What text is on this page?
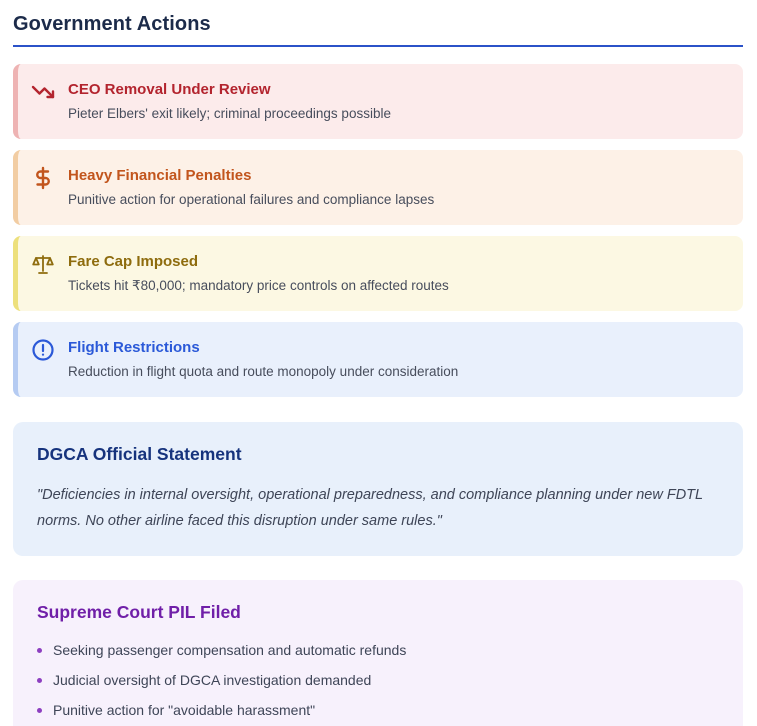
Government Actions
CEO Removal Under Review
Pieter Elbers' exit likely; criminal proceedings possible
Heavy Financial Penalties
Punitive action for operational failures and compliance lapses
Fare Cap Imposed
Tickets hit ₹80,000; mandatory price controls on affected routes
Flight Restrictions
Reduction in flight quota and route monopoly under consideration
DGCA Official Statement

"Deficiencies in internal oversight, operational preparedness, and compliance planning under new FDTL norms. No other airline faced this disruption under same rules."

Supreme Court PIL Filed
Seeking passenger compensation and automatic refunds
Judicial oversight of DGCA investigation demanded
Punitive action for "avoidable harassment"
